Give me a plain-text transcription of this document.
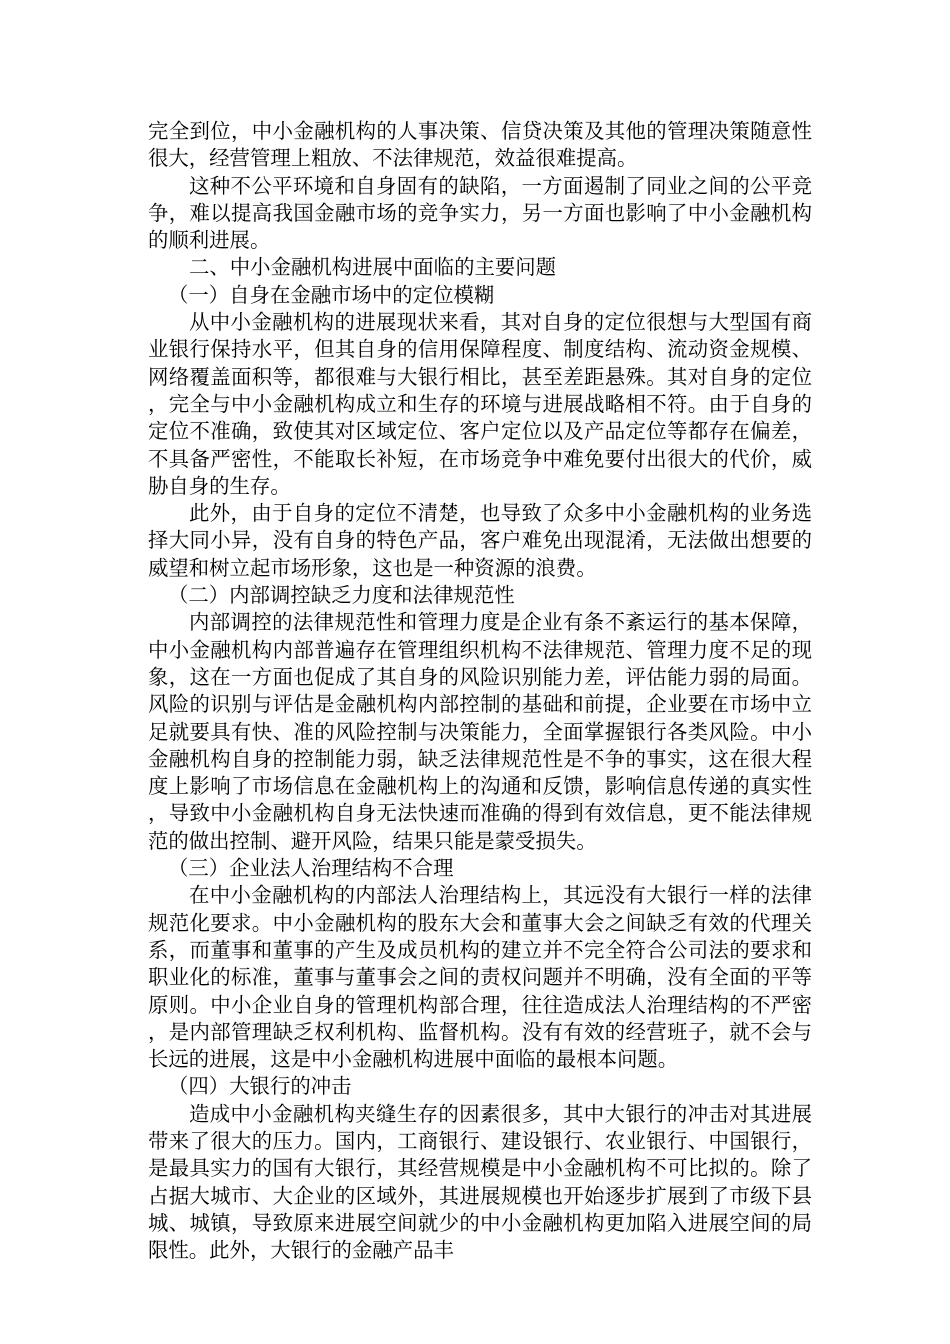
完全到位，中小金融机构的人事决策、信贷决策及其他的管理决策随意性很大，经营管理上粗放、不法律规范，效益很难提高。

这种不公平环境和自身固有的缺陷，一方面遏制了同业之间的公平竞争，难以提高我国金融市场的竞争实力，另一方面也影响了中小金融机构的顺利进展。

二、中小金融机构进展中面临的主要问题

（一）自身在金融市场中的定位模糊

从中小金融机构的进展现状来看，其对自身的定位很想与大型国有商业银行保持水平，但其自身的信用保障程度、制度结构、流动资金规模、网络覆盖面积等，都很难与大银行相比，甚至差距悬殊。其对自身的定位，完全与中小金融机构成立和生存的环境与进展战略相不符。由于自身的定位不准确，致使其对区域定位、客户定位以及产品定位等都存在偏差，不具备严密性，不能取长补短，在市场竞争中难免要付出很大的代价，威胁自身的生存。

此外，由于自身的定位不清楚，也导致了众多中小金融机构的业务选择大同小异，没有自身的特色产品，客户难免出现混淆，无法做出想要的威望和树立起市场形象，这也是一种资源的浪费。

（二）内部调控缺乏力度和法律规范性

内部调控的法律规范性和管理力度是企业有条不紊运行的基本保障，中小金融机构内部普遍存在管理组织机构不法律规范、管理力度不足的现象，这在一方面也促成了其自身的风险识别能力差，评估能力弱的局面。风险的识别与评估是金融机构内部控制的基础和前提，企业要在市场中立足就要具有快、准的风险控制与决策能力，全面掌握银行各类风险。中小金融机构自身的控制能力弱，缺乏法律规范性是不争的事实，这在很大程度上影响了市场信息在金融机构上的沟通和反馈，影响信息传递的真实性，导致中小金融机构自身无法快速而准确的得到有效信息，更不能法律规范的做出控制、避开风险，结果只能是蒙受损失。

（三）企业法人治理结构不合理

在中小金融机构的内部法人治理结构上，其远没有大银行一样的法律规范化要求。中小金融机构的股东大会和董事大会之间缺乏有效的代理关系，而董事和董事的产生及成员机构的建立并不完全符合公司法的要求和职业化的标准，董事与董事会之间的责权问题并不明确，没有全面的平等原则。中小企业自身的管理机构部合理，往往造成法人治理结构的不严密，是内部管理缺乏权利机构、监督机构。没有有效的经营班子，就不会与长远的进展，这是中小金融机构进展中面临的最根本问题。

（四）大银行的冲击

造成中小金融机构夹缝生存的因素很多，其中大银行的冲击对其进展带来了很大的压力。国内，工商银行、建设银行、农业银行、中国银行，是最具实力的国有大银行，其经营规模是中小金融机构不可比拟的。除了占据大城市、大企业的区域外，其进展规模也开始逐步扩展到了市级下县城、城镇，导致原来进展空间就少的中小金融机构更加陷入进展空间的局限性。此外，大银行的金融产品丰
